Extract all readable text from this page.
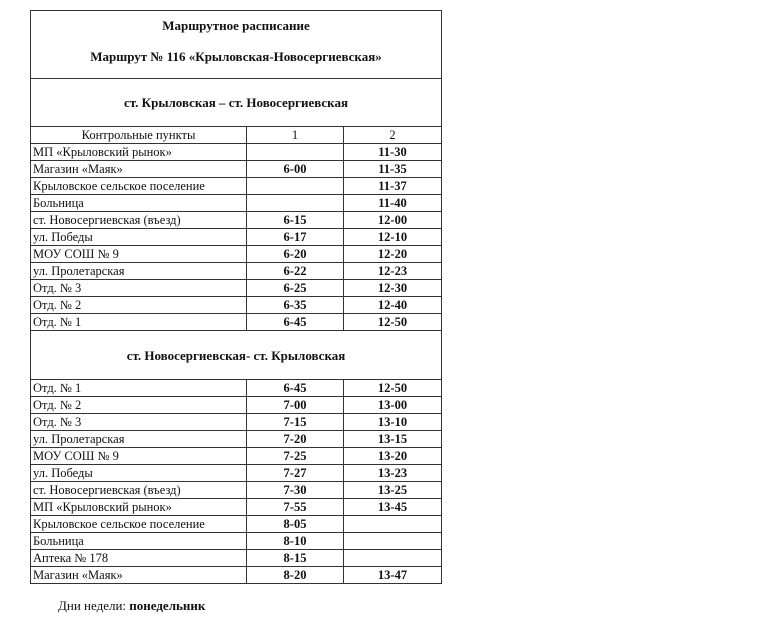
Маршрутное расписание
Маршрут № 116 «Крыловская-Новосергиевская»
ст. Крыловская – ст. Новосергиевская
Контрольные пункты	1	2
МП «Крыловский рынок»		11-30
Магазин «Маяк»	6-00	11-35
Крыловское сельское поселение		11-37
Больница		11-40
ст. Новосергиевская (въезд)	6-15	12-00
ул. Победы	6-17	12-10
МОУ СОШ № 9	6-20	12-20
ул. Пролетарская	6-22	12-23
Отд. № 3	6-25	12-30
Отд. № 2	6-35	12-40
Отд. № 1	6-45	12-50
ст. Новосергиевская- ст. Крыловская
Отд. № 1	6-45	12-50
Отд. № 2	7-00	13-00
Отд. № 3	7-15	13-10
ул. Пролетарская	7-20	13-15
МОУ СОШ № 9	7-25	13-20
ул. Победы	7-27	13-23
ст. Новосергиевская (въезд)	7-30	13-25
МП «Крыловский рынок»	7-55	13-45
Крыловское сельское поселение	8-05	
Больница	8-10	
Аптека № 178	8-15	
Магазин «Маяк»	8-20	13-47
Дни недели: понедельник
